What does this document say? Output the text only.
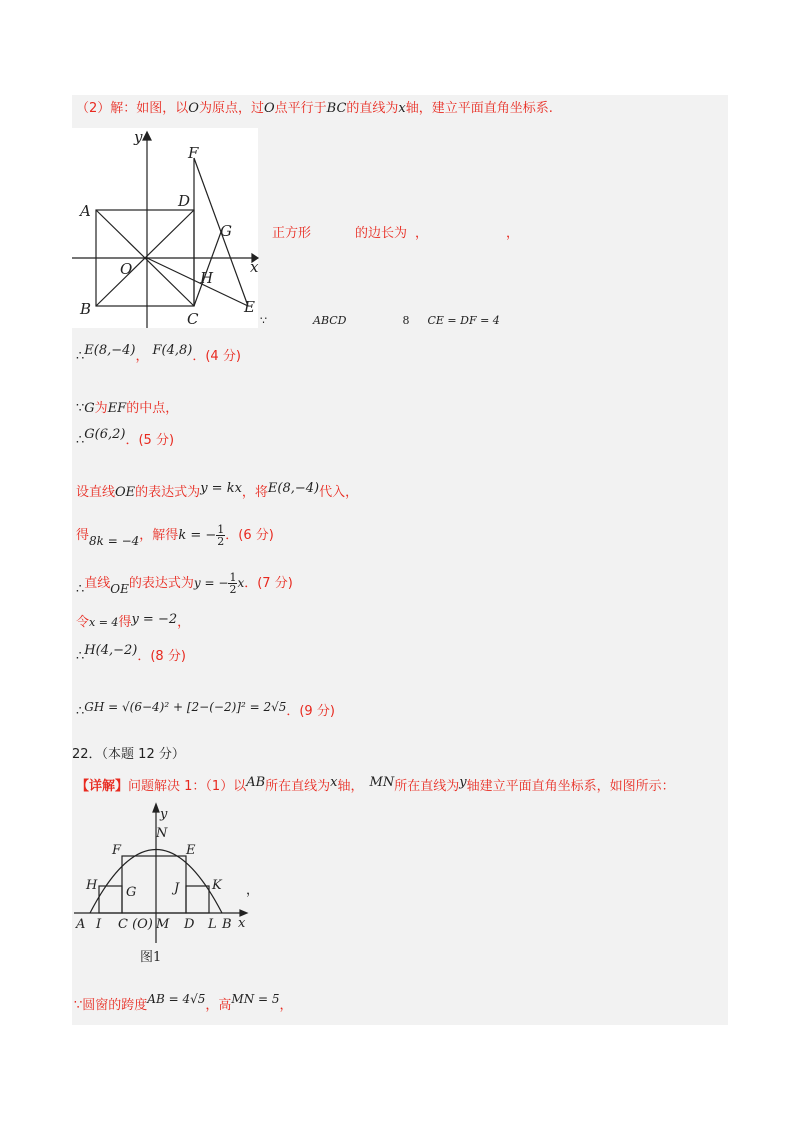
（2）解：如图，以O为原点，过O点平行于BC的直线为x轴，建立平面直角坐标系.
y
x
A
B
C
D
E
F
G
H
O
正方形	的边长为 ，	，
∵	ABCD	8 CE = DF = 4
∴E(8,−4)， F(4,8)．(4 分)
∵G为EF的中点，
∴G(6,2)．(5 分)
设直线OE的表达式为y = kx，将E(8,−4)代入，
得8k = −4，解得k = − $\frac{1}{2}$ ．(6 分)
∴直线OE的表达式为y = − $\frac{1}{2}$ x．(7 分)
令x = 4得y = −2，
∴H(4,−2)．(8 分)
∴GH = √(6−4)² + [2−(−2)]² = 2√5．(9 分)
22．（本题 12 分）
【详解】问题解决 1：（1）以AB所在直线为x轴， MN所在直线为y轴建立平面直角坐标系，如图所示：
y
x
N
F	E
H G	J	K
A I C (O) M D L B
图1
，
∵圆窗的跨度AB = 4√5，高MN = 5，
